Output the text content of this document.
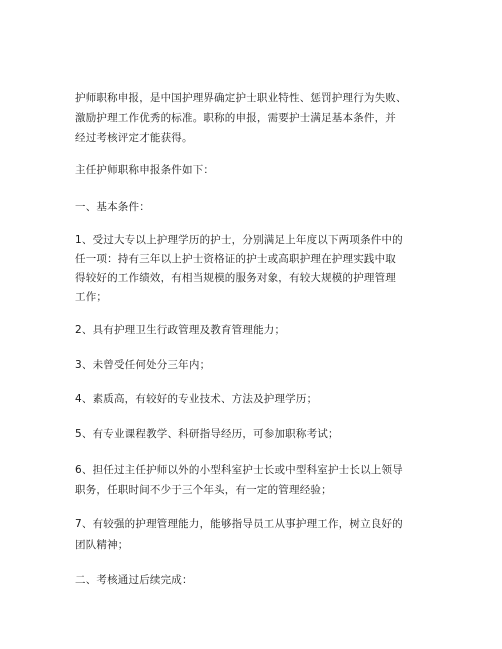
护师职称申报，是中国护理界确定护士职业特性、惩罚护理行为失败、
激励护理工作优秀的标准。职称的申报，需要护士满足基本条件，并
经过考核评定才能获得。
主任护师职称申报条件如下：
一、基本条件：
1、受过大专以上护理学历的护士，分别满足上年度以下两项条件中的
任一项：持有三年以上护士资格证的护士或高职护理在护理实践中取
得较好的工作绩效，有相当规模的服务对象，有较大规模的护理管理
工作；
2、具有护理卫生行政管理及教育管理能力；
3、未曾受任何处分三年内；
4、素质高，有较好的专业技术、方法及护理学历；
5、有专业课程教学、科研指导经历，可参加职称考试；
6、担任过主任护师以外的小型科室护士长或中型科室护士长以上领导
职务，任职时间不少于三个年头，有一定的管理经验；
7、有较强的护理管理能力，能够指导员工从事护理工作，树立良好的
团队精神；
二、考核通过后续完成：
